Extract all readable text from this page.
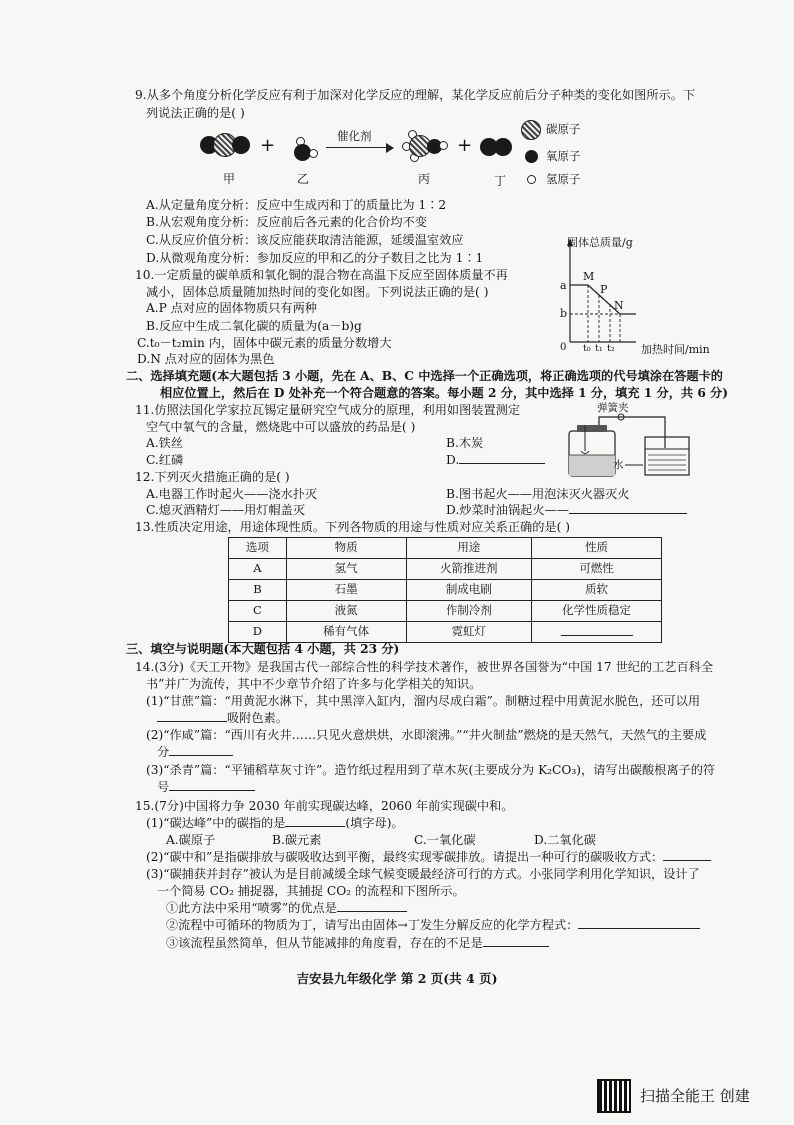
9.从多个角度分析化学反应有利于加深对化学反应的理解，某化学反应前后分子种类的变化如图所示。下
列说法正确的是( )
+	催化剂	+
甲	乙	丙	丁
碳原子
氧原子
氢原子
A.从定量角度分析：反应中生成丙和丁的质量比为 1∶2
B.从宏观角度分析：反应前后各元素的化合价均不变
C.从反应价值分析：该反应能获取清洁能源，延缓温室效应
D.从微观角度分析：参加反应的甲和乙的分子数目之比为 1∶1
10.一定质量的碳单质和氧化铜的混合物在高温下反应至固体质量不再
减小，固体总质量随加热时间的变化如图。下列说法正确的是( )
A.P 点对应的固体物质只有两种
B.反应中生成二氧化碳的质量为(a－b)g
C.t₀－t₂min 内，固体中碳元素的质量分数增大
D.N 点对应的固体为黑色
固体总质量/g
加热时间/min
M
P
N
a
b
0 t₀ t₁ t₂
二、选择填充题(本大题包括 3 小题，先在 A、B、C 中选择一个正确选项，将正确选项的代号填涂在答题卡的
相应位置上，然后在 D 处补充一个符合题意的答案。每小题 2 分，其中选择 1 分，填充 1 分，共 6 分)
11.仿照法国化学家拉瓦锡定量研究空气成分的原理，利用如图装置测定
空气中氧气的含量，燃烧匙中可以盛放的药品是( )
A.铁丝	B.木炭
C.红磷	D.
弹簧夹
水
12.下列灭火措施正确的是( )
A.电器工作时起火——浇水扑灭	B.图书起火——用泡沫灭火器灭火
C.熄灭酒精灯——用灯帽盖灭	D.炒菜时油锅起火——
13.性质决定用途，用途体现性质。下列各物质的用途与性质对应关系正确的是( )
选项	物质	用途	性质
A	氢气	火箭推进剂	可燃性
B	石墨	制成电刷	质软
C	液氮	作制冷剂	化学性质稳定
D	稀有气体	霓虹灯	
三、填空与说明题(本大题包括 4 小题，共 23 分)
14.(3分)《天工开物》是我国古代一部综合性的科学技术著作，被世界各国誉为“中国 17 世纪的工艺百科全
书”并广为流传，其中不少章节介绍了许多与化学相关的知识。
(1)“甘蔗”篇：“用黄泥水淋下，其中黑滓入缸内，溜内尽成白霜”。制糖过程中用黄泥水脱色，还可以用
吸附色素。
(2)“作咸”篇：“西川有火井……只见火意烘烘，水即滚沸。”“井火制盐”燃烧的是天然气，天然气的主要成
分
(3)“杀青”篇：“平铺稻草灰寸许”。造竹纸过程用到了草木灰(主要成分为 K₂CO₃)，请写出碳酸根离子的符
号
15.(7分)中国将力争 2030 年前实现碳达峰，2060 年前实现碳中和。
(1)“碳达峰”中的碳指的是	(填字母)。
A.碳原子	B.碳元素	C.一氧化碳	D.二氧化碳
(2)“碳中和”是指碳排放与碳吸收达到平衡，最终实现零碳排放。请提出一种可行的碳吸收方式：
(3)“碳捕获并封存”被认为是目前减缓全球气候变暖最经济可行的方式。小张同学利用化学知识，设计了
一个简易 CO₂ 捕捉器，其捕捉 CO₂ 的流程和下图所示。
①此方法中采用“喷雾”的优点是
②流程中可循环的物质为丁，请写出由固体→丁发生分解反应的化学方程式：
③该流程虽然简单，但从节能减排的角度看，存在的不足是
吉安县九年级化学 第 2 页(共 4 页)
扫描全能王 创建
